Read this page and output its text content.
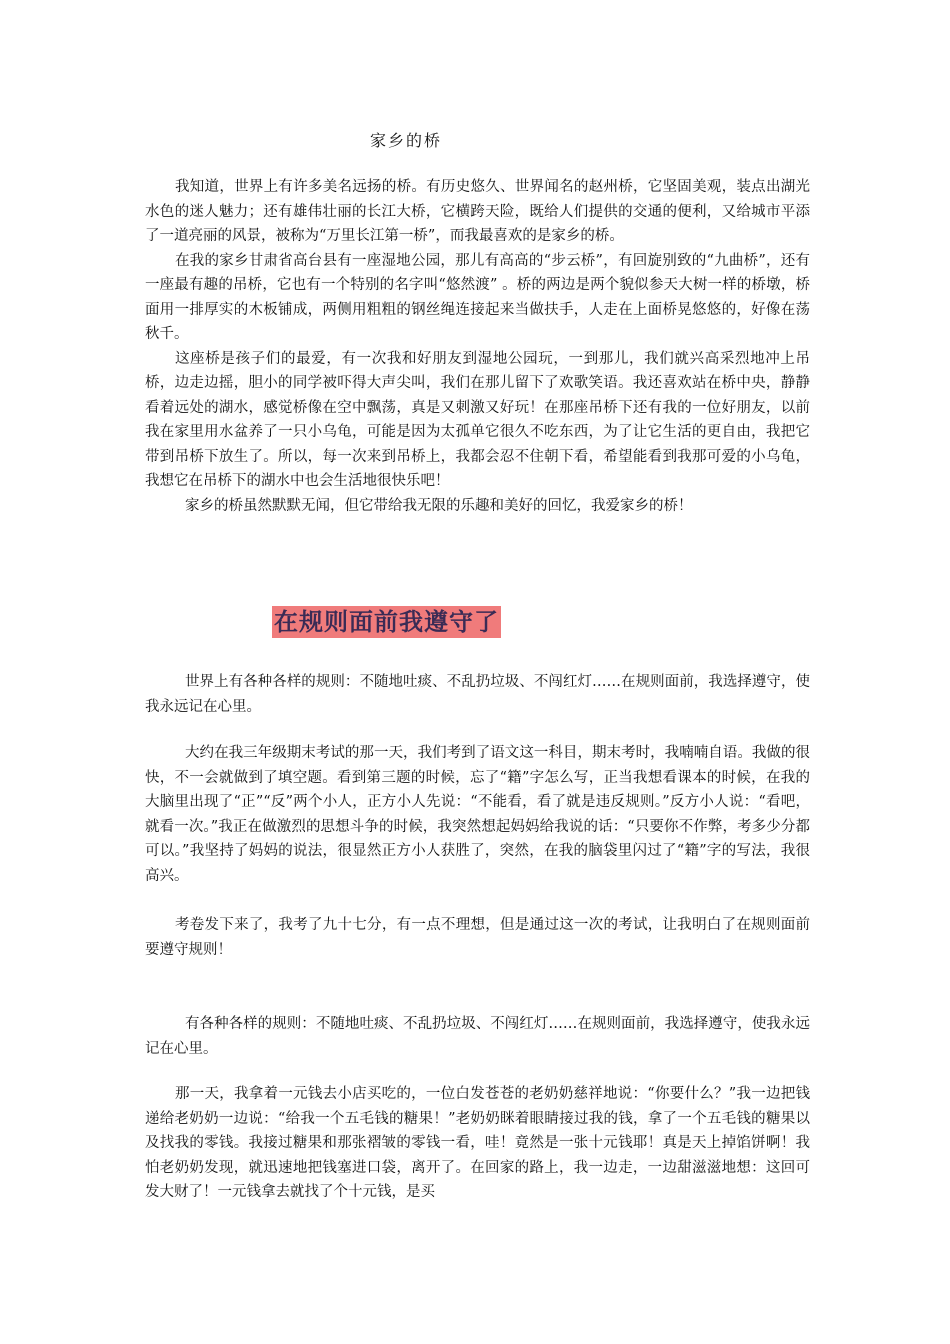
家乡的桥

我知道，世界上有许多美名远扬的桥。有历史悠久、世界闻名的赵州桥，它坚固美观，装点出湖光水色的迷人魅力；还有雄伟壮丽的长江大桥，它横跨天险，既给人们提供的交通的便利，又给城市平添了一道亮丽的风景，被称为“万里长江第一桥”，而我最喜欢的是家乡的桥。

在我的家乡甘肃省高台县有一座湿地公园，那儿有高高的“步云桥”，有回旋别致的“九曲桥”，还有一座最有趣的吊桥，它也有一个特别的名字叫“悠然渡” 。桥的两边是两个貌似参天大树一样的桥墩，桥面用一排厚实的木板铺成，两侧用粗粗的钢丝绳连接起来当做扶手，人走在上面桥晃悠悠的，好像在荡秋千。

这座桥是孩子们的最爱，有一次我和好朋友到湿地公园玩，一到那儿，我们就兴高采烈地冲上吊桥，边走边摇，胆小的同学被吓得大声尖叫，我们在那儿留下了欢歌笑语。我还喜欢站在桥中央，静静看着远处的湖水，感觉桥像在空中飘荡，真是又刺激又好玩！在那座吊桥下还有我的一位好朋友，以前我在家里用水盆养了一只小乌龟，可能是因为太孤单它很久不吃东西，为了让它生活的更自由，我把它带到吊桥下放生了。所以，每一次来到吊桥上，我都会忍不住朝下看，希望能看到我那可爱的小乌龟，我想它在吊桥下的湖水中也会生活地很快乐吧！

家乡的桥虽然默默无闻，但它带给我无限的乐趣和美好的回忆，我爱家乡的桥！

在规则面前我遵守了

世界上有各种各样的规则：不随地吐痰、不乱扔垃圾、不闯红灯……在规则面前，我选择遵守，使我永远记在心里。

大约在我三年级期末考试的那一天，我们考到了语文这一科目，期末考时，我喃喃自语。我做的很快，不一会就做到了填空题。看到第三题的时候，忘了“籍”字怎么写，正当我想看课本的时候，在我的大脑里出现了“正”“反”两个小人，正方小人先说：“不能看，看了就是违反规则。”反方小人说：“看吧，就看一次。”我正在做激烈的思想斗争的时候，我突然想起妈妈给我说的话：“只要你不作弊，考多少分都可以。”我坚持了妈妈的说法，很显然正方小人获胜了，突然，在我的脑袋里闪过了“籍”字的写法，我很高兴。

考卷发下来了，我考了九十七分，有一点不理想，但是通过这一次的考试，让我明白了在规则面前要遵守规则！

有各种各样的规则：不随地吐痰、不乱扔垃圾、不闯红灯……在规则面前，我选择遵守，使我永远记在心里。

那一天，我拿着一元钱去小店买吃的，一位白发苍苍的老奶奶慈祥地说：“你要什么？”我一边把钱递给老奶奶一边说：“给我一个五毛钱的糖果！”老奶奶眯着眼睛接过我的钱，拿了一个五毛钱的糖果以及找我的零钱。我接过糖果和那张褶皱的零钱一看，哇！竟然是一张十元钱耶！真是天上掉馅饼啊！我怕老奶奶发现，就迅速地把钱塞进口袋，离开了。在回家的路上，我一边走，一边甜滋滋地想：这回可发大财了！一元钱拿去就找了个十元钱，是买
